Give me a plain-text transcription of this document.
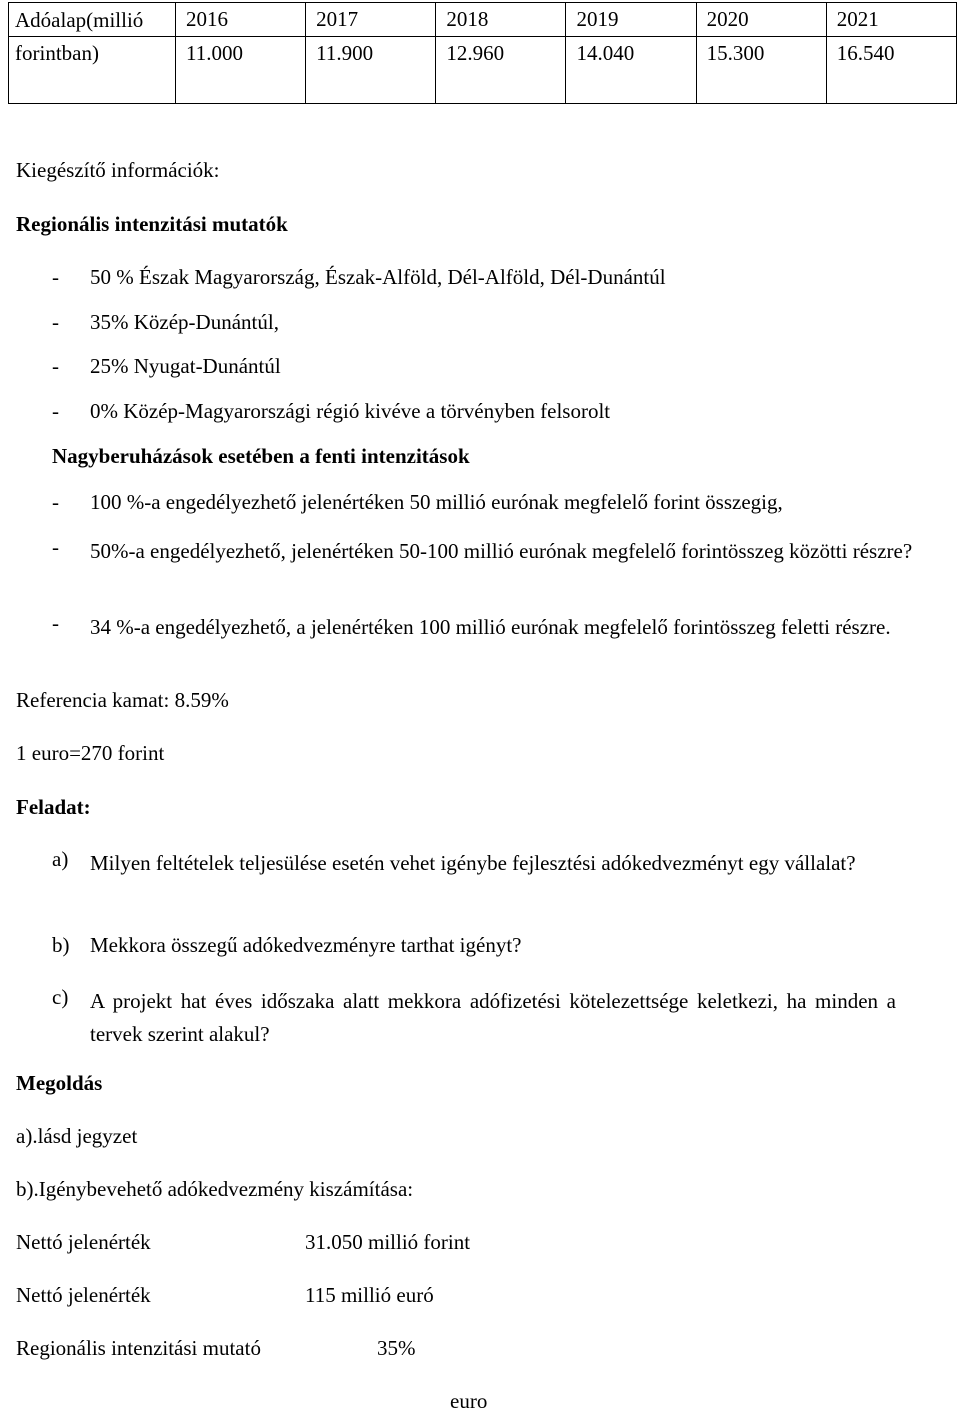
	2016	2017	2018	2019	2020	2021
Adóalap(millió forintban)	11.000	11.900	12.960	14.040	15.300	16.540
Kiegészítő információk:
Regionális intenzitási mutatók
- 50 % Észak Magyarország, Észak-Alföld, Dél-Alföld, Dél-Dunántúl
- 35% Közép-Dunántúl,
- 25% Nyugat-Dunántúl
- 0% Közép-Magyarországi régió kivéve a törvényben felsorolt
Nagyberuházások esetében a fenti intenzitások
- 100 %-a engedélyezhető jelenértéken 50 millió eurónak megfelelő forint összegig,
- 50%-a engedélyezhető, jelenértéken 50-100 millió eurónak megfelelő forintösszeg közötti részre?
- 34 %-a engedélyezhető, a jelenértéken 100 millió eurónak megfelelő forintösszeg feletti részre.
Referencia kamat: 8.59%
1 euro=270 forint
Feladat:
a) Milyen feltételek teljesülése esetén vehet igénybe fejlesztési adókedvezményt egy vállalat?
b) Mekkora összegű adókedvezményre tarthat igényt?
c) A projekt hat éves időszaka alatt mekkora adófizetési kötelezettsége keletkezi, ha minden a tervek szerint alakul?
Megoldás
a).lásd jegyzet
b).Igénybevehető adókedvezmény kiszámítása:
Nettó jelenérték	31.050 millió forint
Nettó jelenérték	115 millió euró
Regionális intenzitási mutató	35%
euro
